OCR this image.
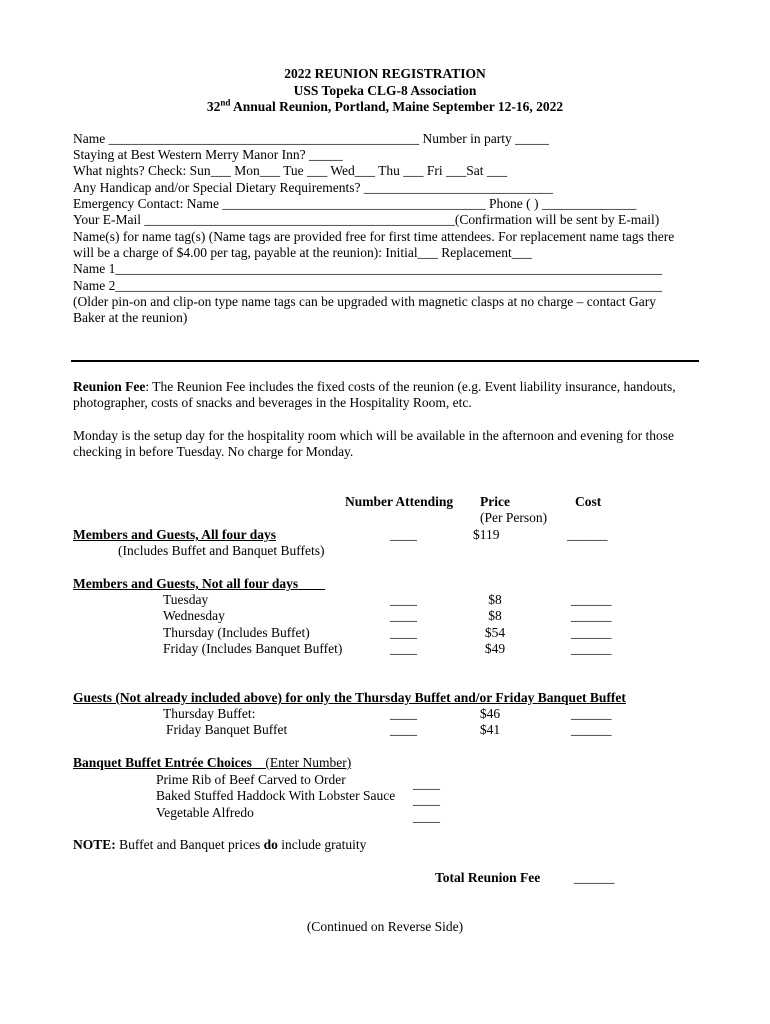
2022 REUNION REGISTRATION
USS Topeka CLG-8 Association
32nd Annual Reunion, Portland, Maine September 12-16, 2022
Name ______________________________________________ Number in party _____
Staying at Best Western Merry Manor Inn? _____
What nights? Check: Sun___ Mon___ Tue ___ Wed___ Thu ___ Fri ___Sat ___
Any Handicap and/or Special Dietary Requirements? ____________________________
Emergency Contact: Name _______________________________________ Phone ( ) ______________
Your E-Mail ______________________________________________(Confirmation will be sent by E-mail)
Name(s) for name tag(s) (Name tags are provided free for first time attendees. For replacement name tags there
will be a charge of $4.00 per tag, payable at the reunion): Initial___ Replacement___
Name 1_________________________________________________________________________________
Name 2_________________________________________________________________________________
(Older pin-on and clip-on type name tags can be upgraded with magnetic clasps at no charge – contact Gary
Baker at the reunion)
Reunion Fee: The Reunion Fee includes the fixed costs of the reunion (e.g. Event liability insurance, handouts,
photographer, costs of snacks and beverages in the Hospitality Room, etc.
Monday is the setup day for the hospitality room which will be available in the afternoon and evening for those
checking in before Tuesday. No charge for Monday.
Number Attending Price
(Per Person)
Cost
Members and Guests, All four days	____	$119	______
(Includes Buffet and Banquet Buffets)
Members and Guests, Not all four days
Guests (Not already included above) for only the Thursday Buffet and/or Friday Banquet Buffet
Banquet Buffet Entrée Choices (Enter Number)
NOTE: Buffet and Banquet prices do include gratuity
Total Reunion Fee ______
(Continued on Reverse Side)
Tuesday	____	$8	______
Wednesday	____	$8	______
Thursday (Includes Buffet)	____	$54	______
Friday (Includes Banquet Buffet)	____	$49	______
Thursday Buffet:	____	$46	______
Friday Banquet Buffet	____	$41	______
Prime Rib of Beef Carved to Order	____
Baked Stuffed Haddock With Lobster Sauce ____
Vegetable Alfredo	____
